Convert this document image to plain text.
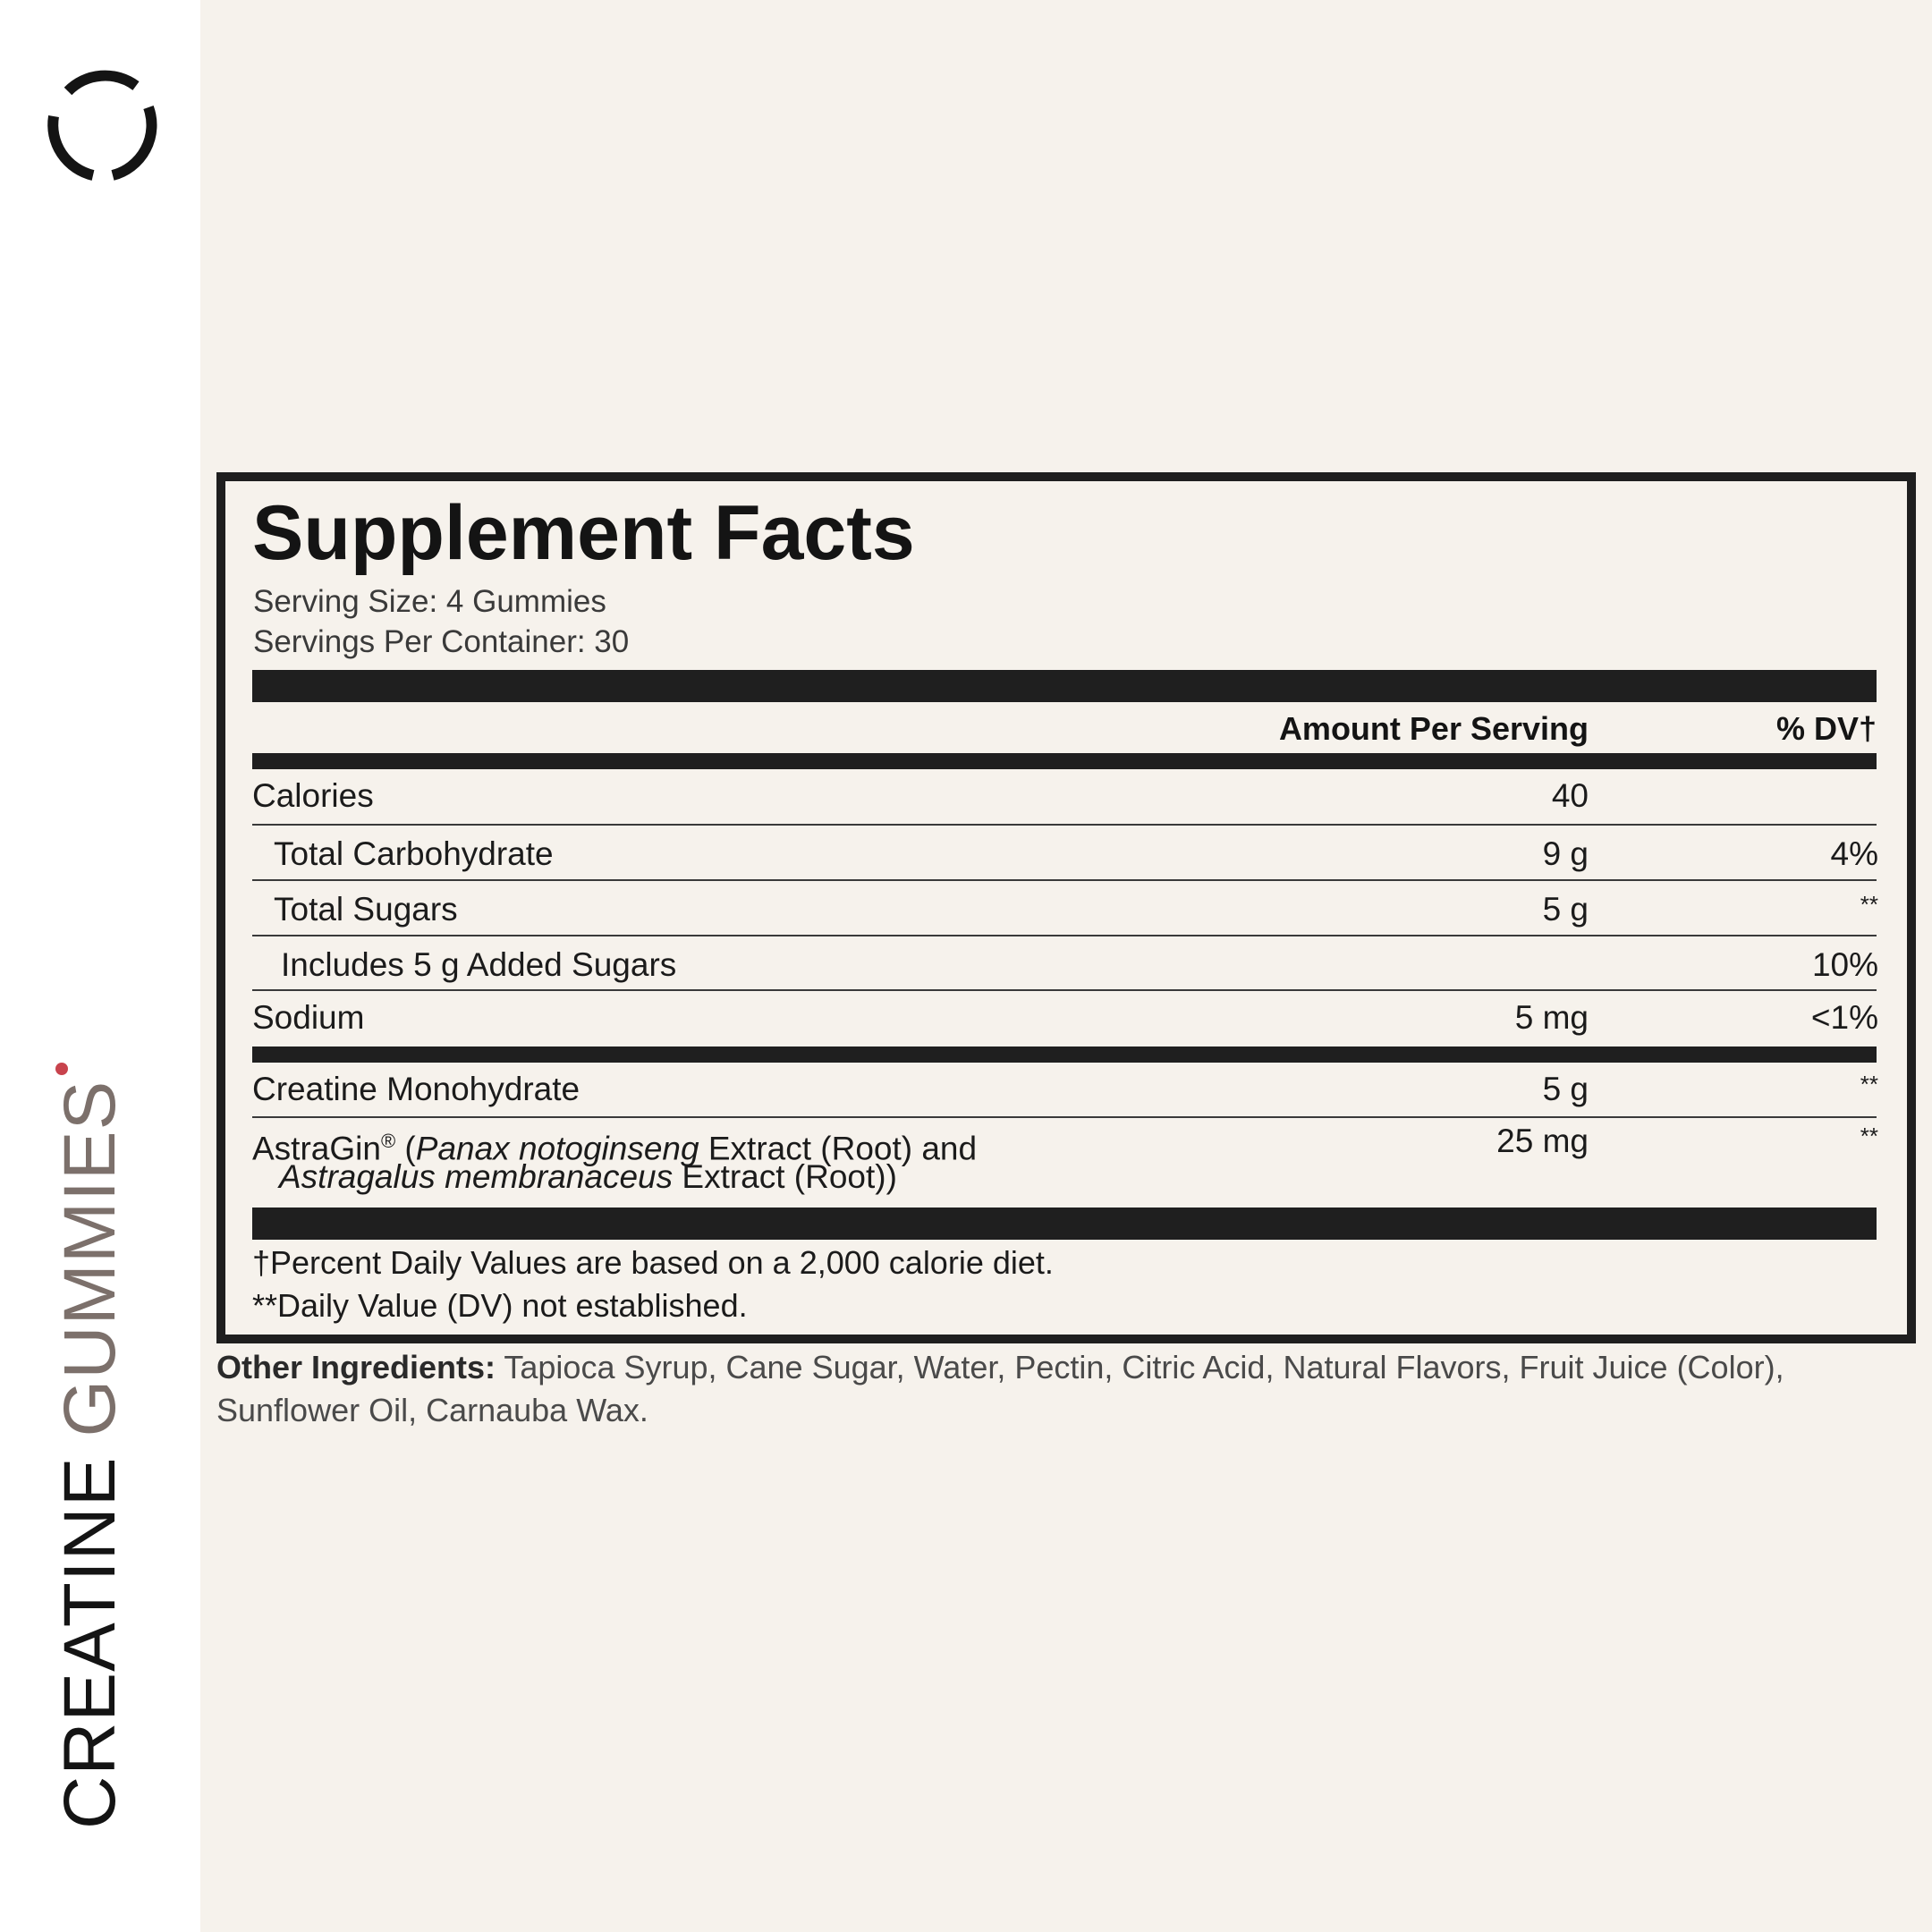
CREATINE
GUMMIES
Supplement Facts
Serving Size: 4 Gummies
Servings Per Container: 30
Amount Per Serving	% DV†
Calories	40
Total Carbohydrate	9 g	4%
Total Sugars	5 g	**
Includes 5 g Added Sugars	10%
Sodium	5 mg	<1%
Creatine Monohydrate	5 g	**
AstraGin® (Panax notoginseng Extract (Root) and
Astragalus membranaceus Extract (Root))
25 mg	**
†Percent Daily Values are based on a 2,000 calorie diet.
**Daily Value (DV) not established.
Other Ingredients: Tapioca Syrup, Cane Sugar, Water, Pectin, Citric Acid, Natural Flavors, Fruit Juice (Color), Sunflower Oil, Carnauba Wax.
